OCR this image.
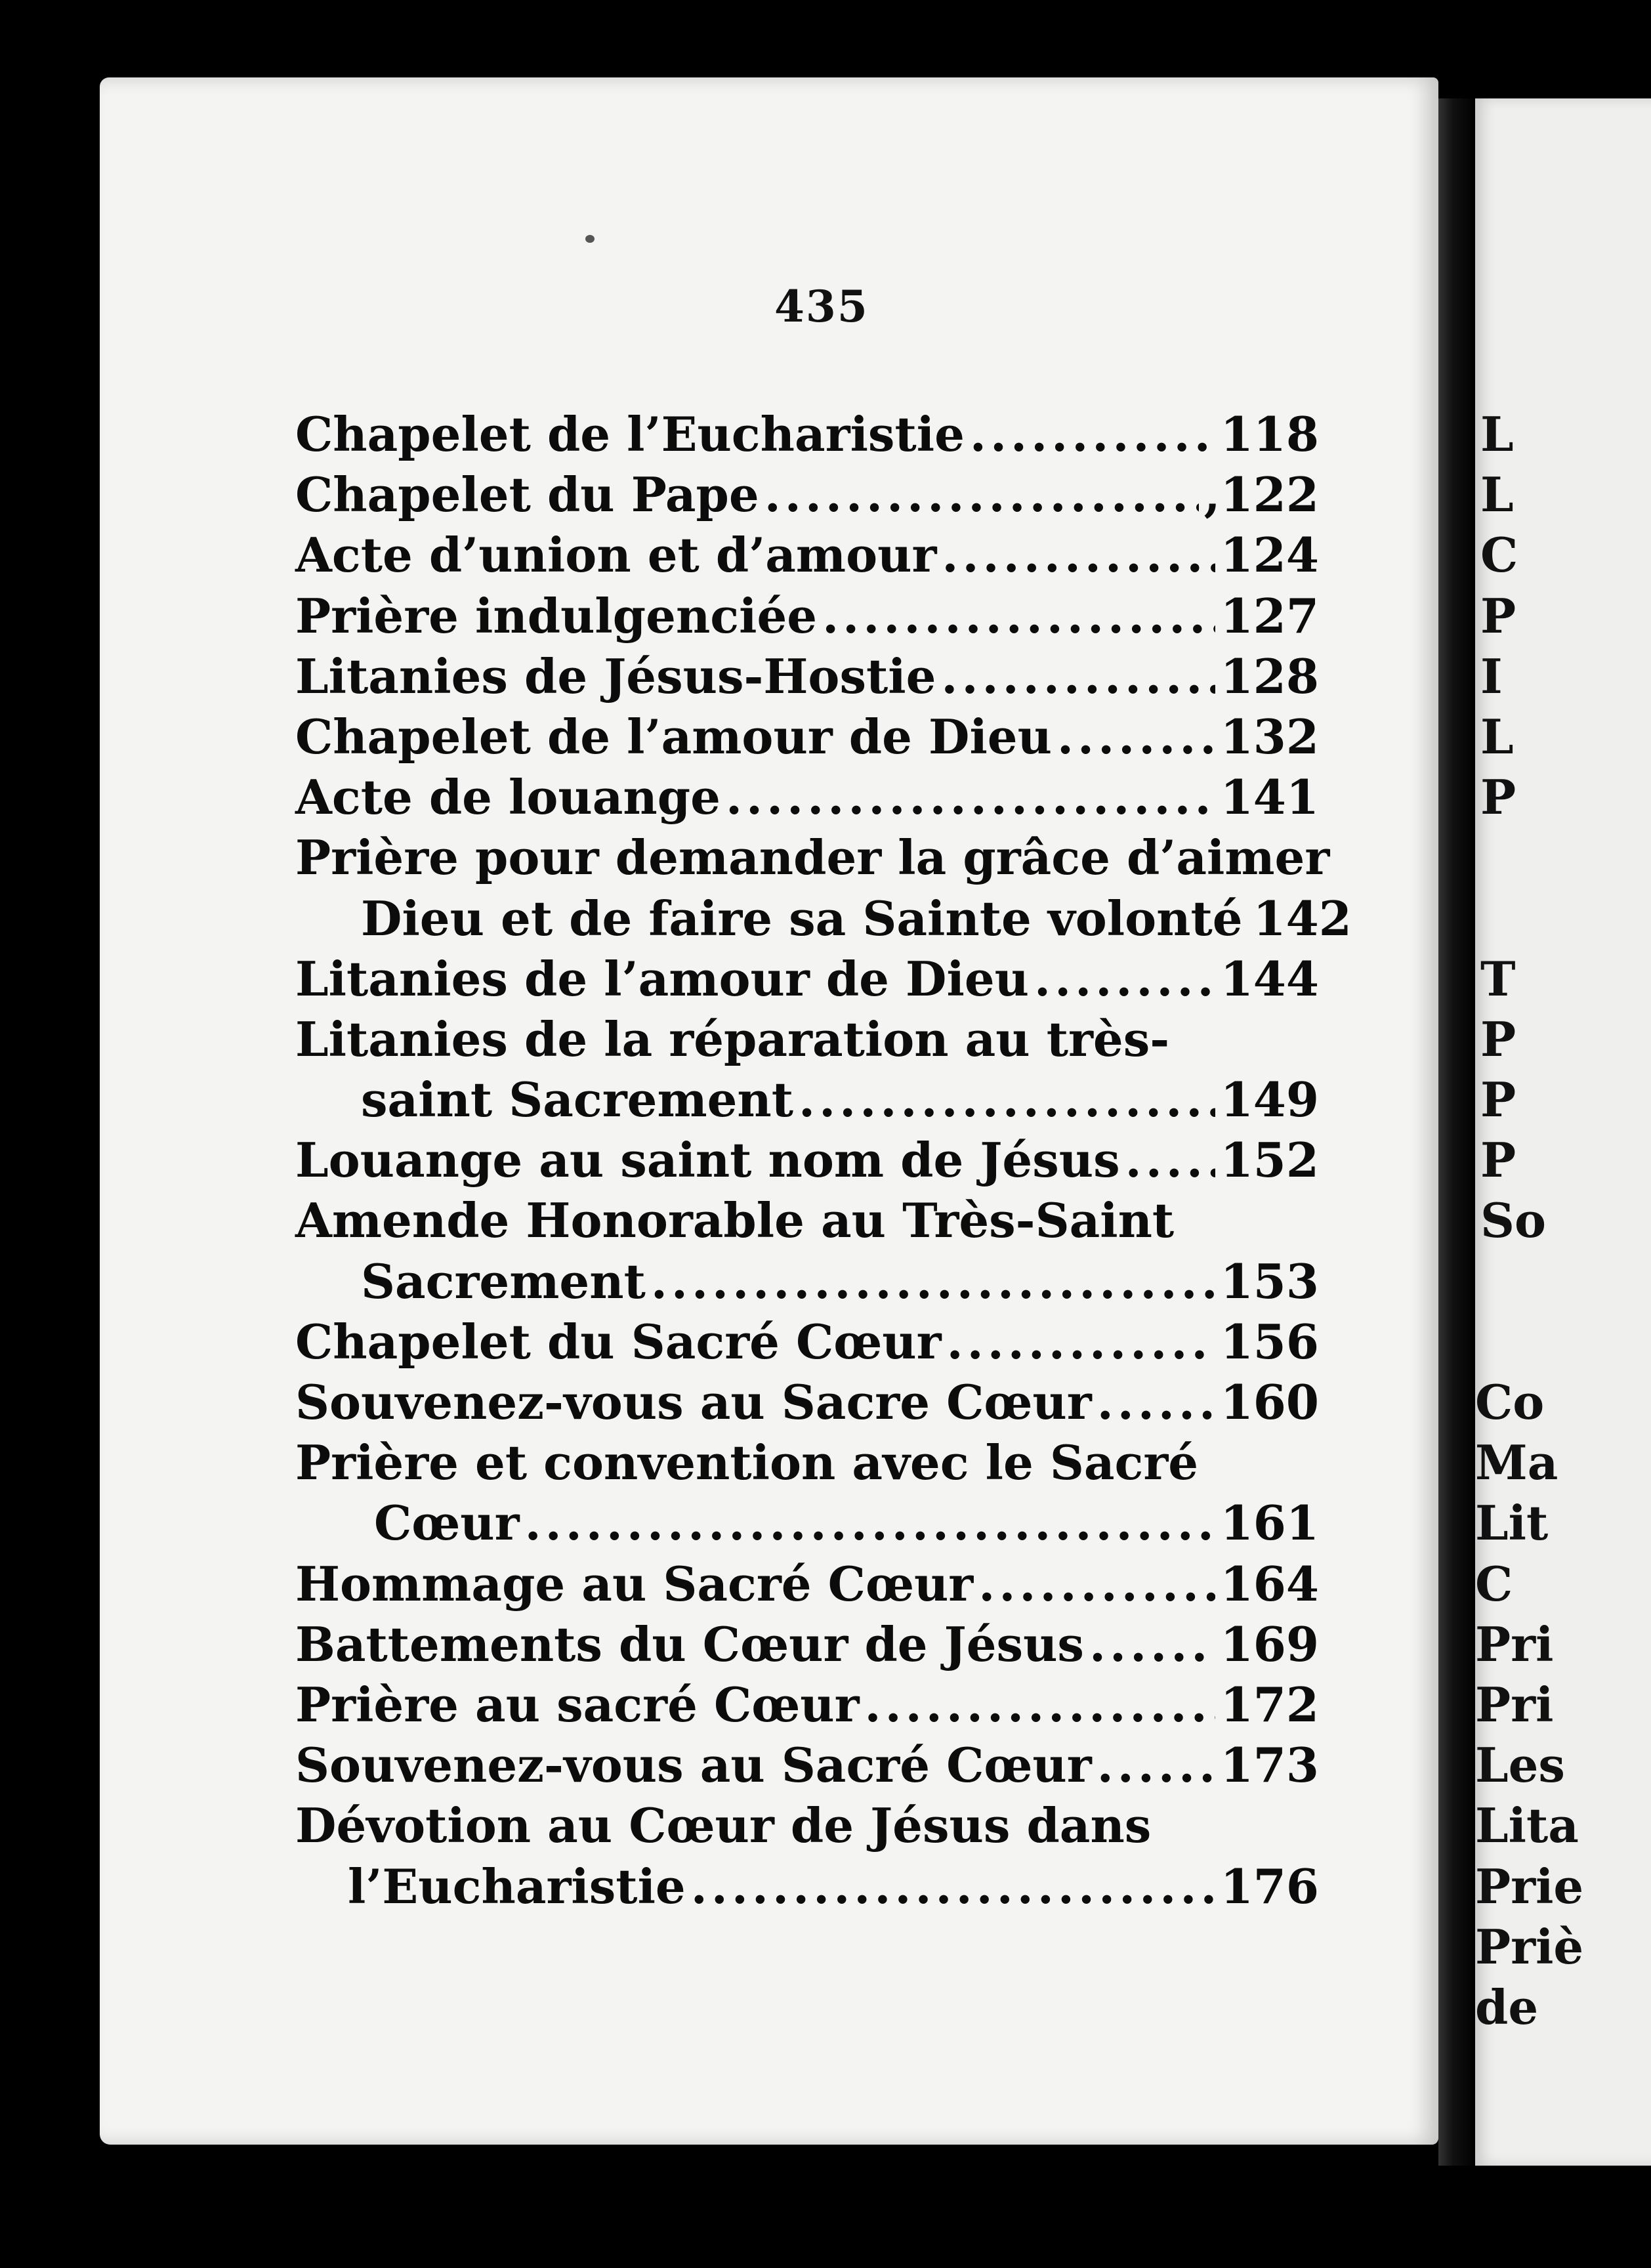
L
L
C
P
I
L
P
T
P
P
P
So
Co
Ma
Lit
C
Pri
Pri
Les
Lita
Prie
Priè
de
435
Chapelet de l’Eucharistie .....	118
Chapelet du Pape .....	,122
Acte d’union et d’amour .....	124
Prière indulgenciée .....	127
Litanies de Jésus-Hostie .....	128
Chapelet de l’amour de Dieu .....	132
Acte de louange .....	141
Prière pour demander la grâce d’aimer
Dieu et de faire sa Sainte volonté 142
Litanies de l’amour de Dieu .....	144
Litanies de la réparation au très-
saint Sacrement .....	149
Louange au saint nom de Jésus ..... 152
Amende Honorable au Très-Saint
Sacrement .....	153
Chapelet du Sacré Cœur .....	156
Souvenez-vous au Sacre Cœur .....	160
Prière et convention avec le Sacré
Cœur .....	161
Hommage au Sacré Cœur .....	164
Battements du Cœur de Jésus .....	169
Prière au sacré Cœur .....	172
Souvenez-vous au Sacré Cœur .....	173
Dévotion au Cœur de Jésus dans
l’Eucharistie .....	176
